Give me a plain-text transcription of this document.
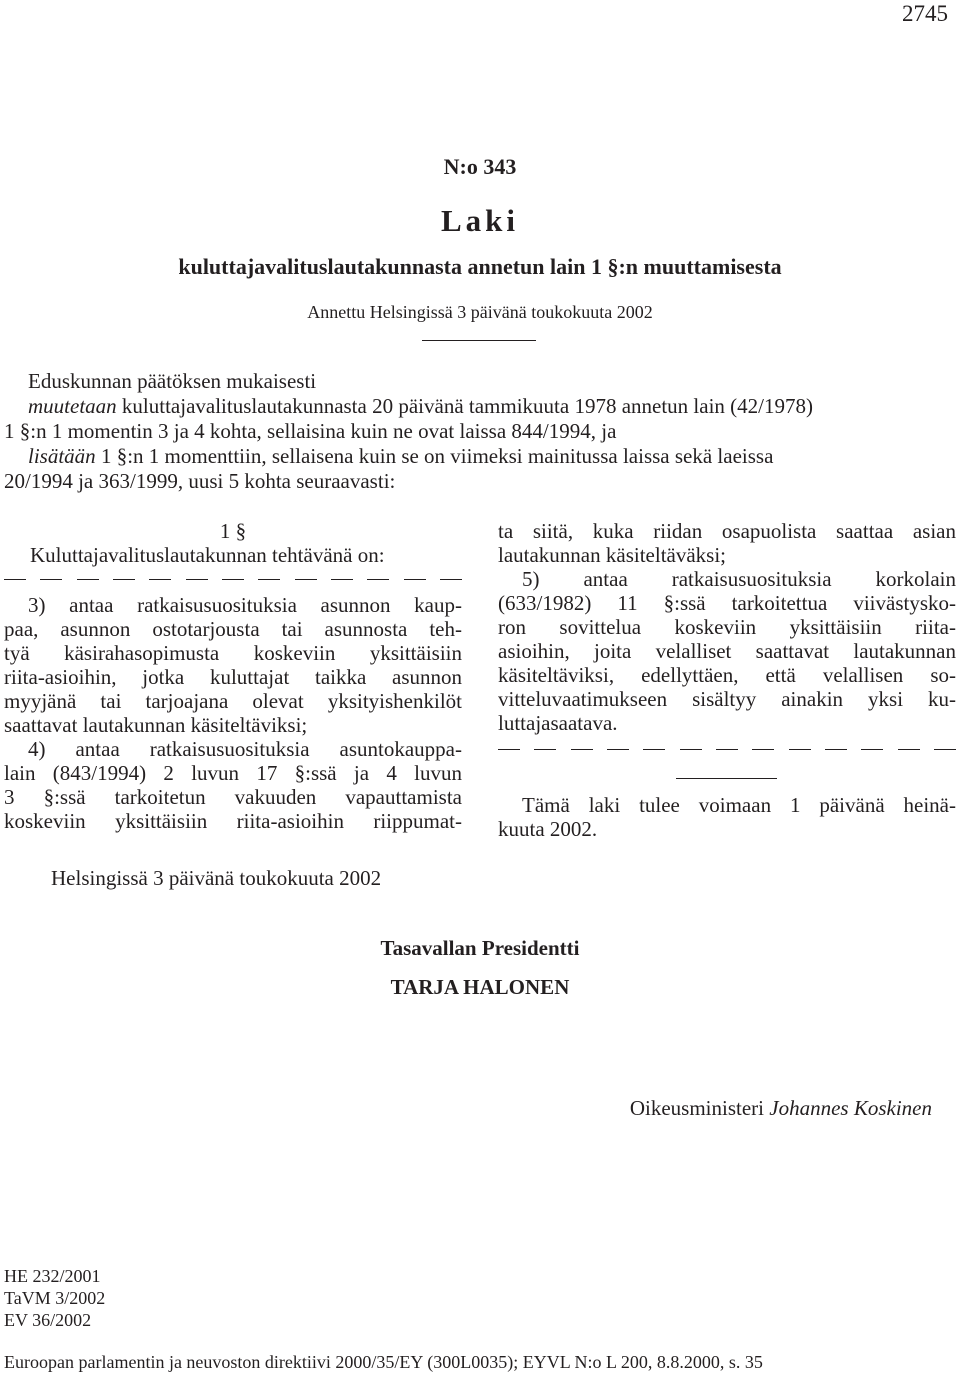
2745
N:o 343
Laki
kuluttajavalituslautakunnasta annetun lain 1 §:n muuttamisesta
Annettu Helsingissä 3 päivänä toukokuuta 2002
Eduskunnan päätöksen mukaisesti
muutetaan kuluttajavalituslautakunnasta 20 päivänä tammikuuta 1978 annetun lain (42/1978)
1 §:n 1 momentin 3 ja 4 kohta, sellaisina kuin ne ovat laissa 844/1994, ja
lisätään 1 §:n 1 momenttiin, sellaisena kuin se on viimeksi mainitussa laissa sekä laeissa
20/1994 ja 363/1999, uusi 5 kohta seuraavasti:
1 §
Kuluttajavalituslautakunnan tehtävänä on:
3) antaa ratkaisusuosituksia asunnon kaup-
paa, asunnon ostotarjousta tai asunnosta teh-
tyä käsirahasopimusta koskeviin yksittäisiin
riita-asioihin, jotka kuluttajat taikka asunnon
myyjänä tai tarjoajana olevat yksityishenkilöt
saattavat lautakunnan käsiteltäviksi;
4) antaa ratkaisusuosituksia asuntokauppa-
lain (843/1994) 2 luvun 17 §:ssä ja 4 luvun
3 §:ssä tarkoitetun vakuuden vapauttamista
koskeviin yksittäisiin riita-asioihin riippumat-
ta siitä, kuka riidan osapuolista saattaa asian
lautakunnan käsiteltäväksi;
5) antaa ratkaisusuosituksia korkolain
(633/1982) 11 §:ssä tarkoitettua viivästysko-
ron sovittelua koskeviin yksittäisiin riita-
asioihin, joita velalliset saattavat lautakunnan
käsiteltäviksi, edellyttäen, että velallisen so-
vitteluvaatimukseen sisältyy ainakin yksi ku-
luttajasaatava.
Tämä laki tulee voimaan 1 päivänä heinä-
kuuta 2002.
Helsingissä 3 päivänä toukokuuta 2002
Tasavallan Presidentti
TARJA HALONEN
Oikeusministeri Johannes Koskinen
HE 232/2001
TaVM 3/2002
EV 36/2002
Euroopan parlamentin ja neuvoston direktiivi 2000/35/EY (300L0035); EYVL N:o L 200, 8.8.2000, s. 35
